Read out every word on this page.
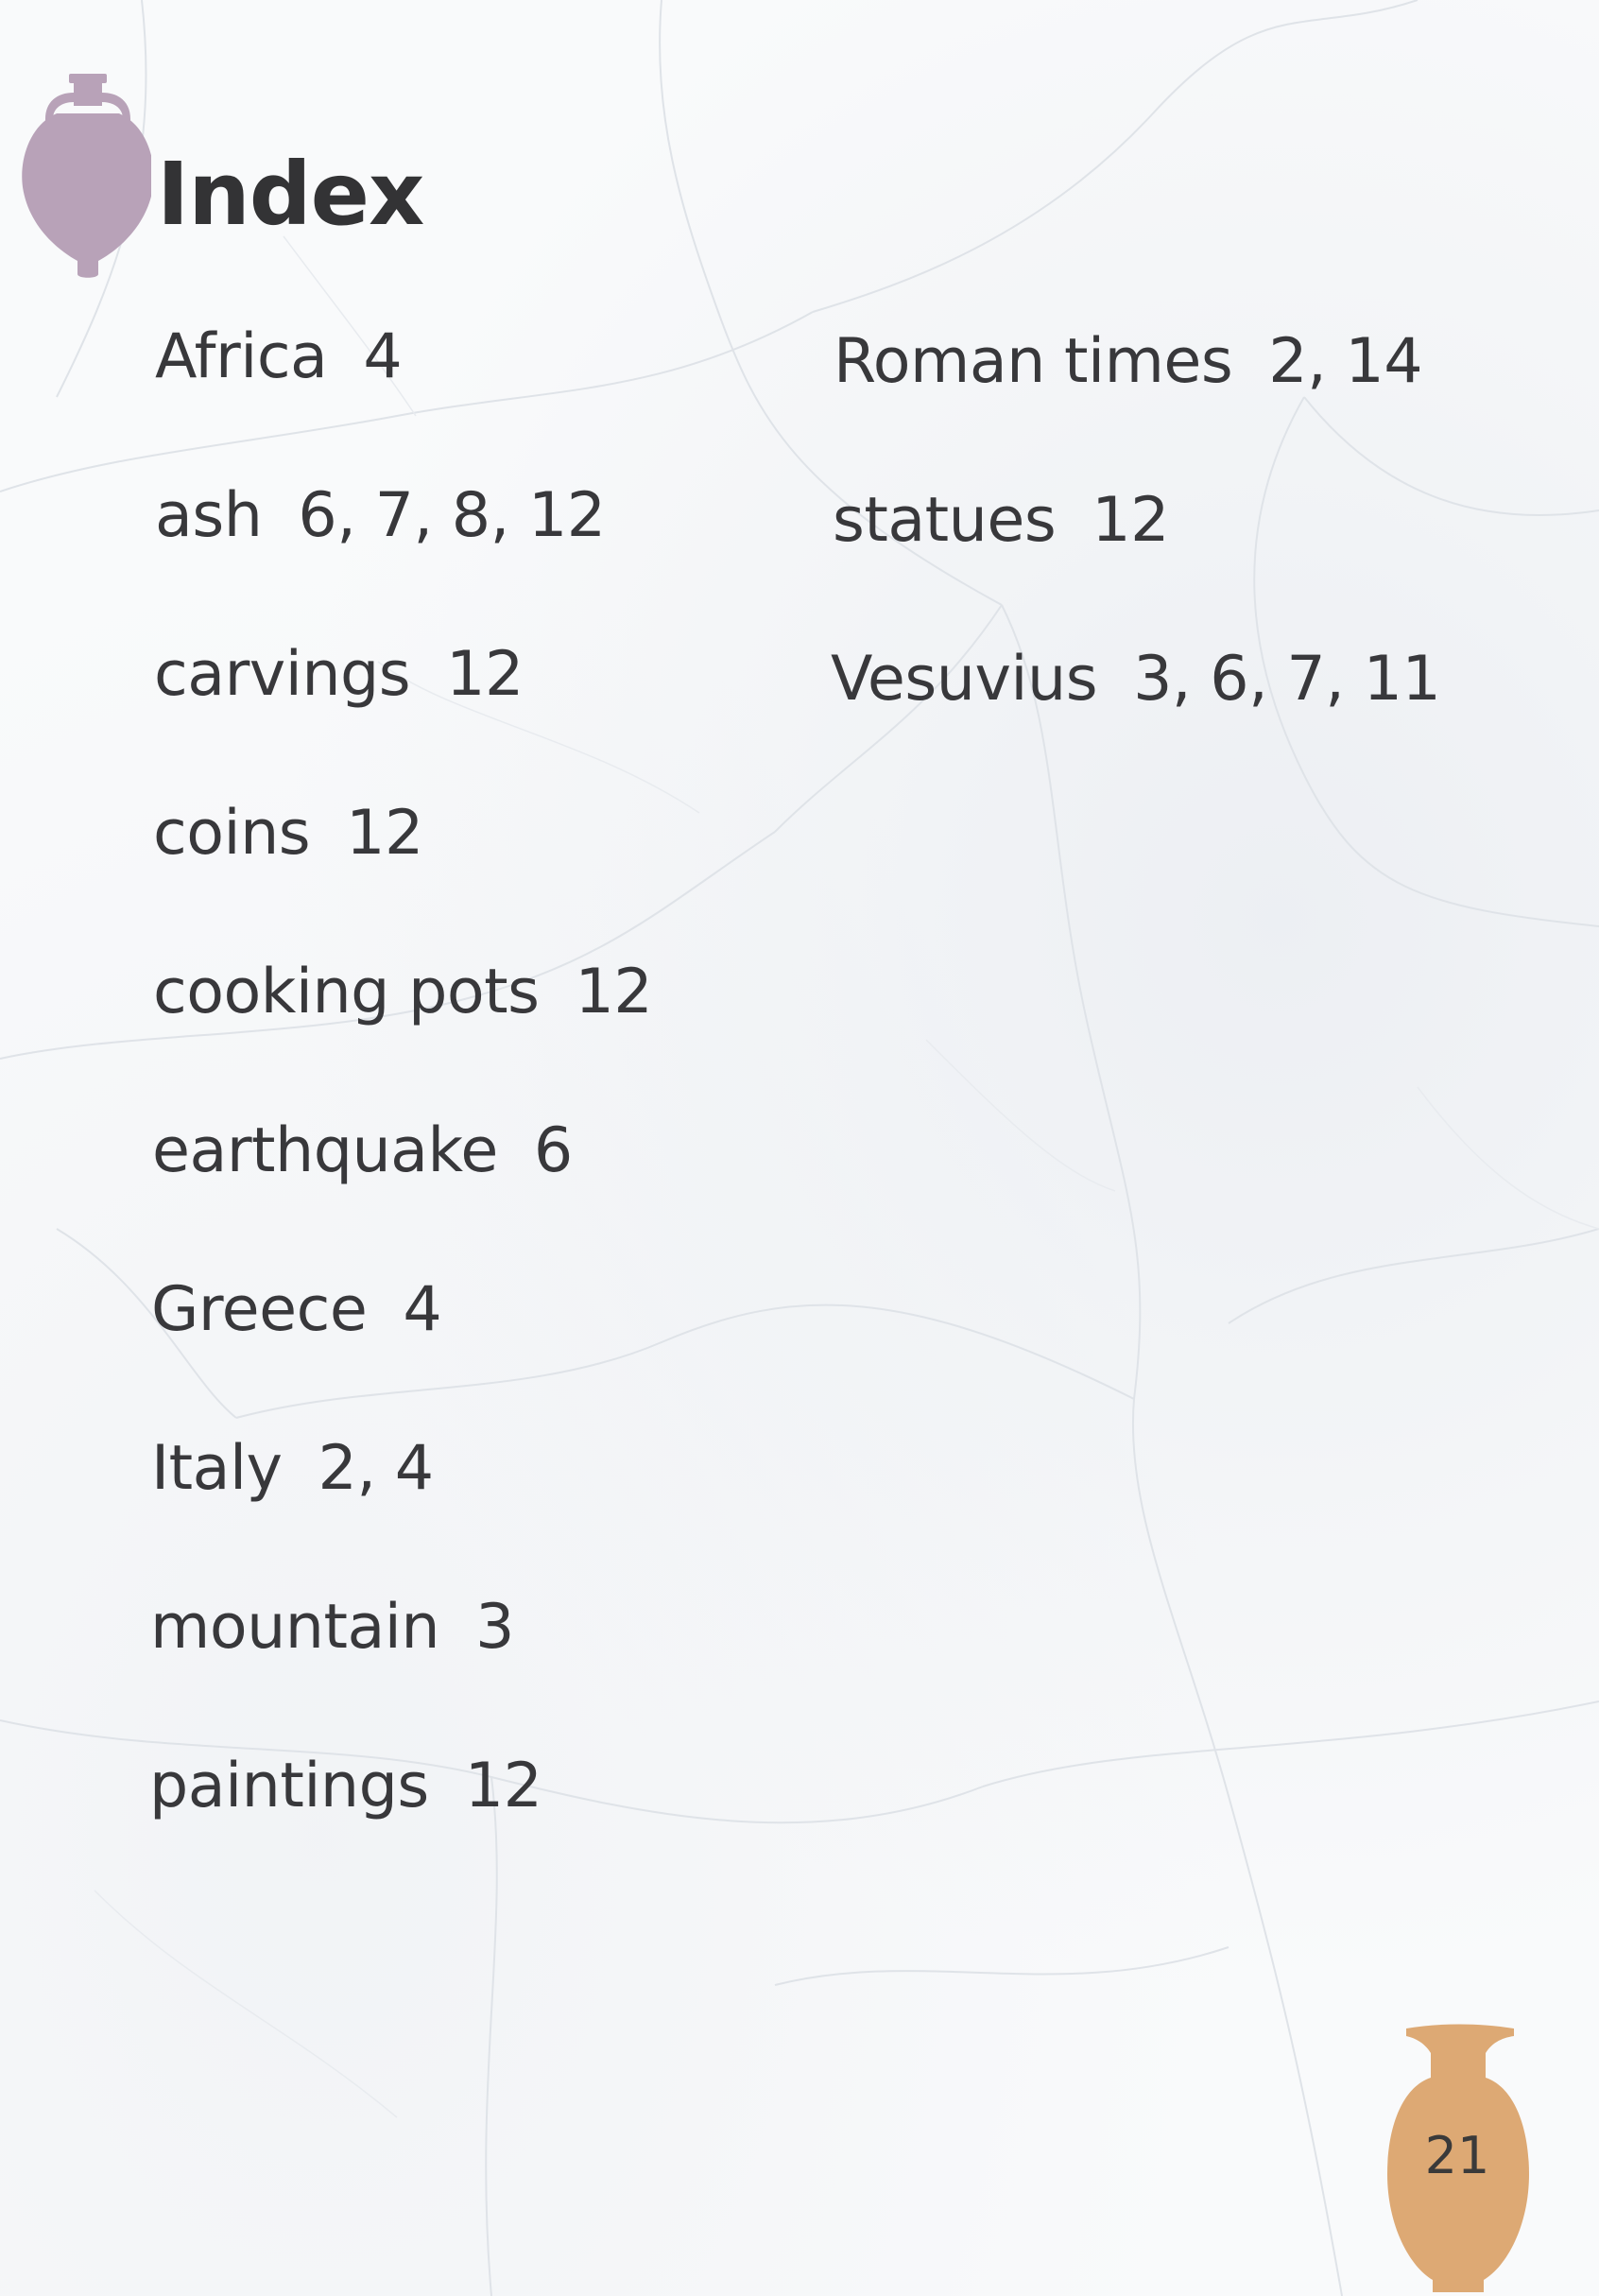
Index
Africa 4
ash 6, 7, 8, 12
carvings 12
coins 12
cooking pots 12
earthquake 6
Greece 4
Italy 2, 4
mountain 3
paintings 12
Roman times 2, 14
statues 12
Vesuvius 3, 6, 7, 11
21
